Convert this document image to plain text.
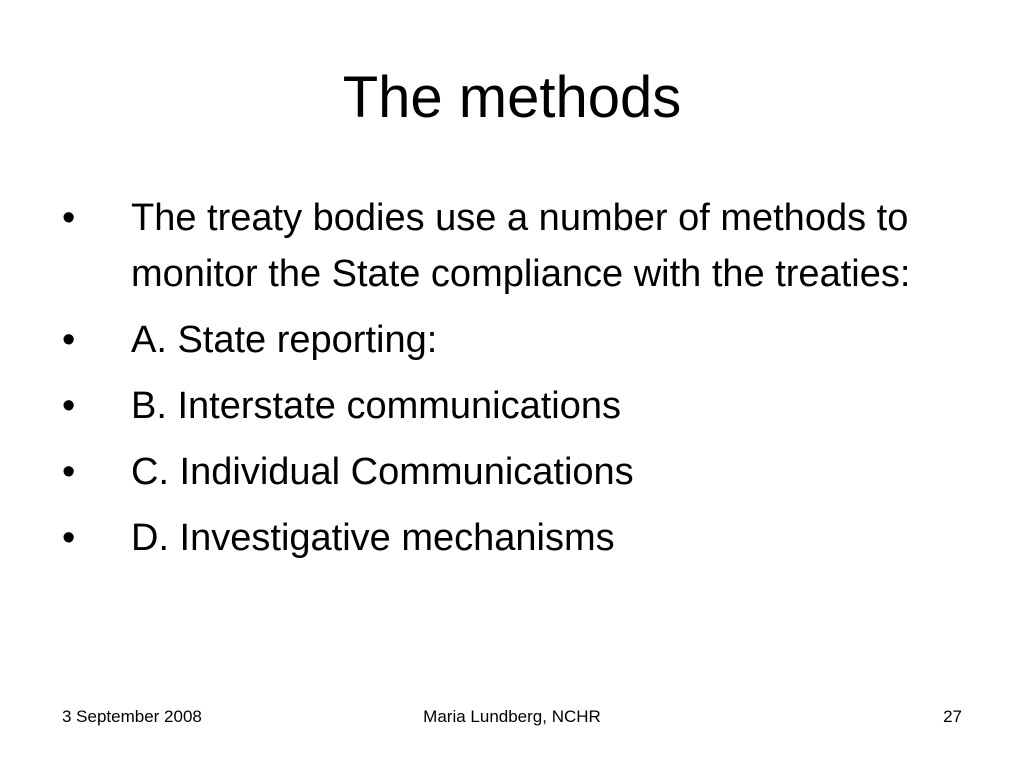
The methods
•	The treaty bodies use a number of methods to monitor the State compliance with the treaties:
•	A. State reporting:
•	B. Interstate communications
•	C. Individual Communications
•	D. Investigative mechanisms
3 September 2008	Maria Lundberg, NCHR	27
